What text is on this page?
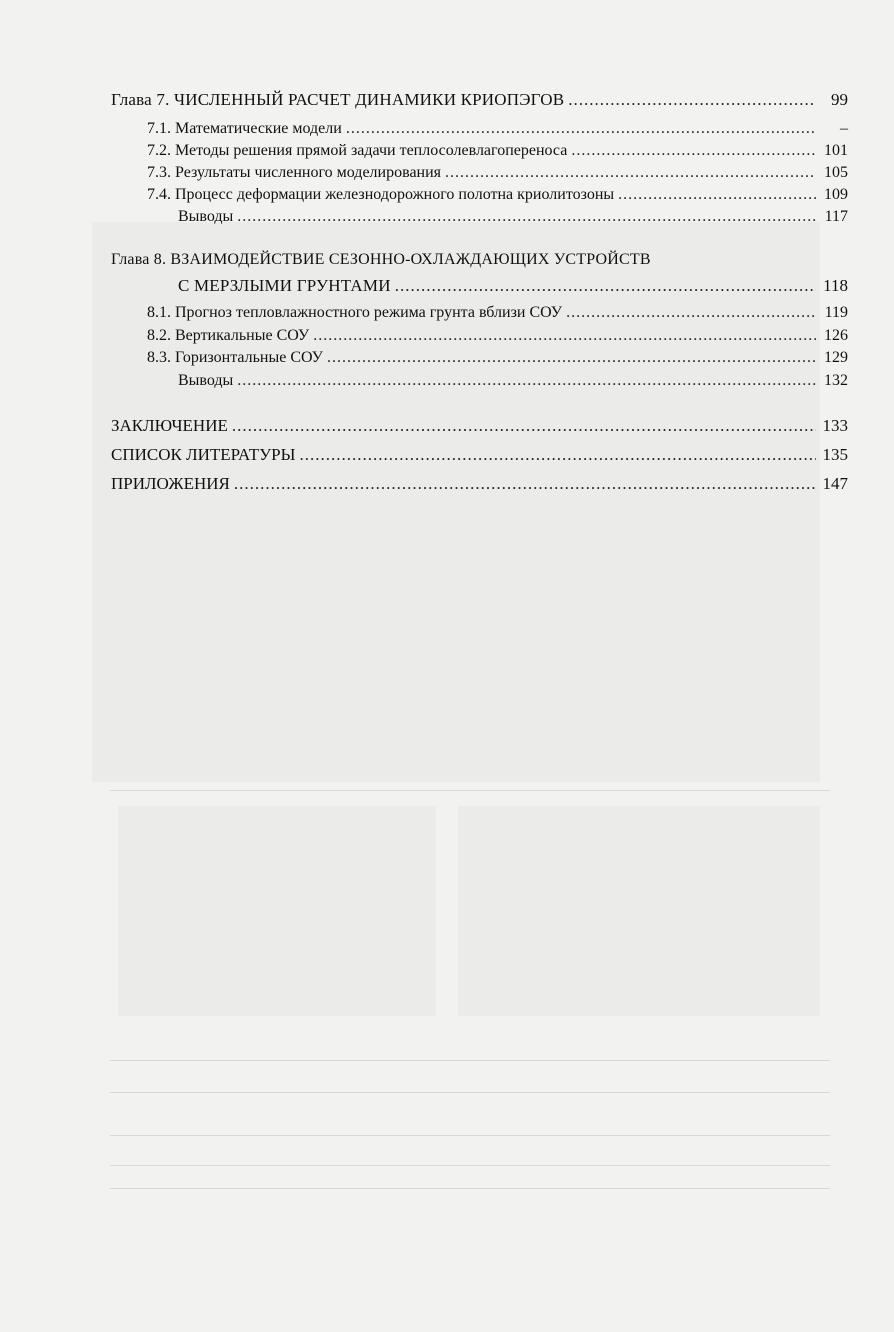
Глава 7. ЧИСЛЕННЫЙ РАСЧЕТ ДИНАМИКИ КРИОПЭГОВ .....	99
7.1. Математические модели .....	–
7.2. Методы решения прямой задачи теплосолевлагопереноса .....	101
7.3. Результаты численного моделирования .....	105
7.4. Процесс деформации железнодорожного полотна криолитозоны .....	109
Выводы .....	117
Глава 8. ВЗАИМОДЕЙСТВИЕ СЕЗОННО-ОХЛАЖДАЮЩИХ УСТРОЙСТВ
С МЕРЗЛЫМИ ГРУНТАМИ .....	118
8.1. Прогноз тепловлажностного режима грунта вблизи СОУ .....	119
8.2. Вертикальные СОУ .....	126
8.3. Горизонтальные СОУ .....	129
Выводы .....	132
ЗАКЛЮЧЕНИЕ .....	133
СПИСОК ЛИТЕРАТУРЫ .....	135
ПРИЛОЖЕНИЯ .....	147
